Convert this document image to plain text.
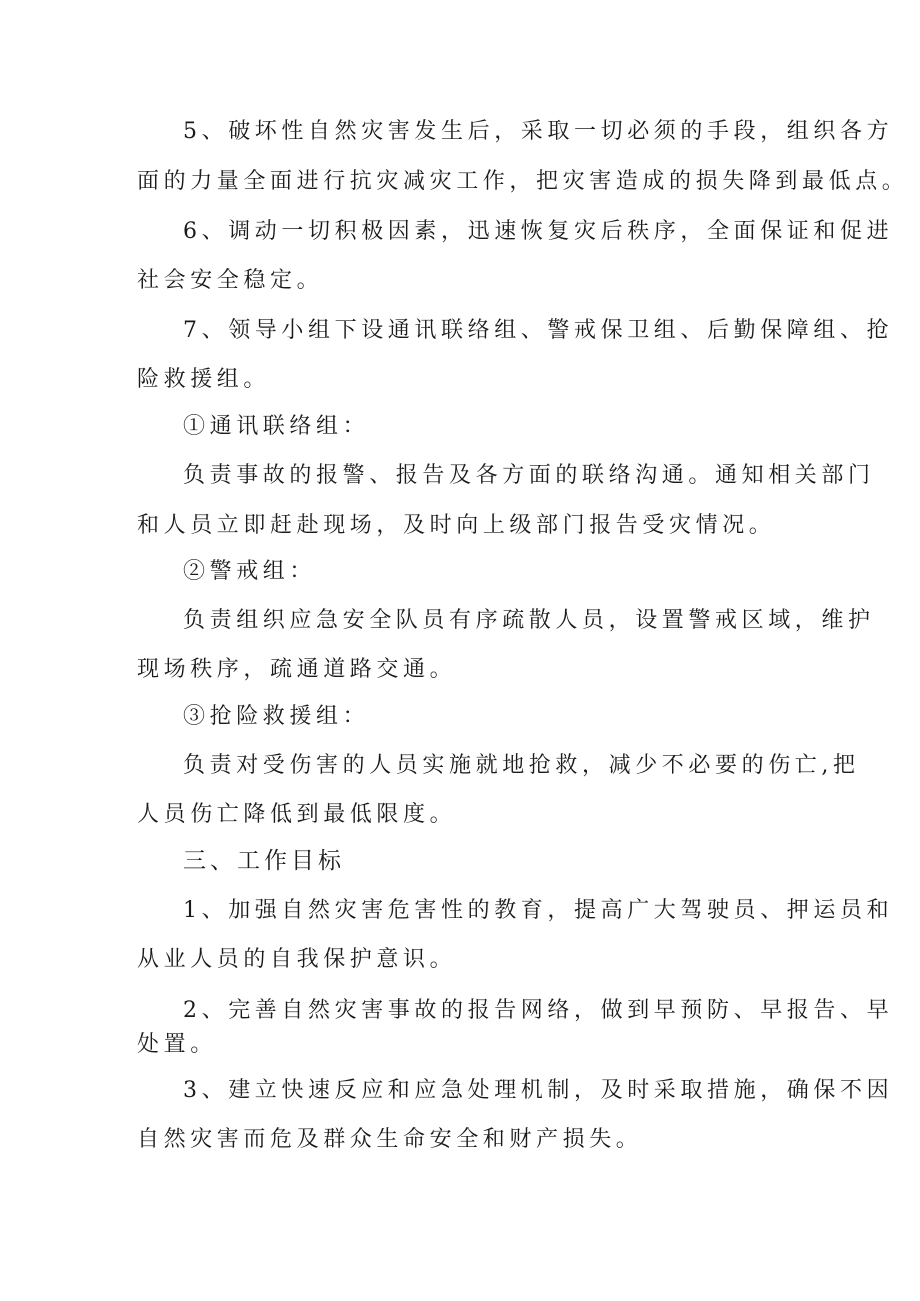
5、破坏性自然灾害发生后，采取一切必须的手段，组织各方
面的力量全面进行抗灾减灾工作，把灾害造成的损失降到最低点。
6、调动一切积极因素，迅速恢复灾后秩序，全面保证和促进
社会安全稳定。
7、领导小组下设通讯联络组、警戒保卫组、后勤保障组、抢
险救援组。
①通讯联络组：
负责事故的报警、报告及各方面的联络沟通。通知相关部门
和人员立即赶赴现场，及时向上级部门报告受灾情况。
②警戒组：
负责组织应急安全队员有序疏散人员，设置警戒区域，维护
现场秩序，疏通道路交通。
③抢险救援组：
负责对受伤害的人员实施就地抢救，减少不必要的伤亡,把
人员伤亡降低到最低限度。
三、工作目标
1、加强自然灾害危害性的教育，提高广大驾驶员、押运员和
从业人员的自我保护意识。
2、完善自然灾害事故的报告网络，做到早预防、早报告、早
处置。
3、建立快速反应和应急处理机制，及时采取措施，确保不因
自然灾害而危及群众生命安全和财产损失。
